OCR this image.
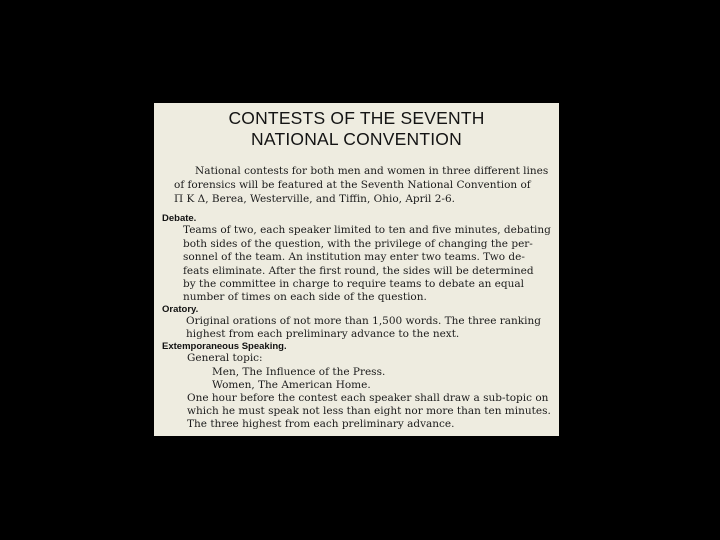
CONTESTS OF THE SEVENTH
NATIONAL CONVENTION
National contests for both men and women in three different lines
of forensics will be featured at the Seventh National Convention of
Π Κ Δ, Berea, Westerville, and Tiffin, Ohio, April 2-6.
Debate.
Teams of two, each speaker limited to ten and five minutes, debating
both sides of the question, with the privilege of changing the per-
sonnel of the team. An institution may enter two teams. Two de-
feats eliminate. After the first round, the sides will be determined
by the committee in charge to require teams to debate an equal
number of times on each side of the question.
Oratory.
Original orations of not more than 1,500 words. The three ranking
highest from each preliminary advance to the next.
Extemporaneous Speaking.
General topic:
Men, The Influence of the Press.
Women, The American Home.
One hour before the contest each speaker shall draw a sub-topic on
which he must speak not less than eight nor more than ten minutes.
The three highest from each preliminary advance.
